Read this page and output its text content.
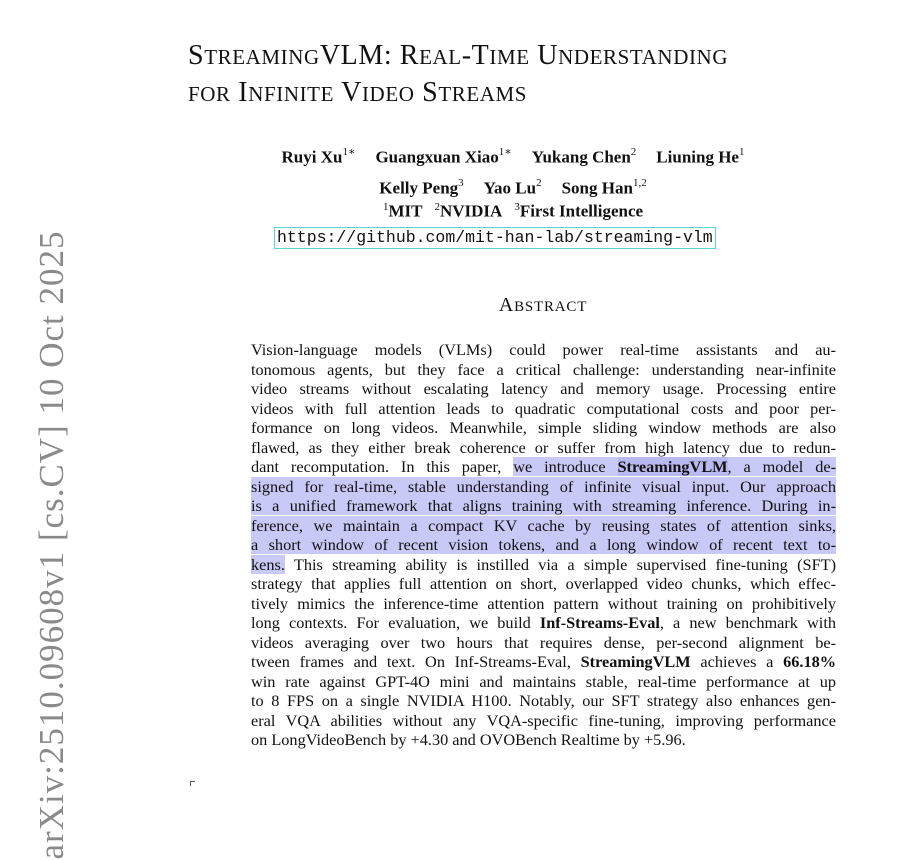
arXiv:2510.09608v1 [cs.CV] 10 Oct 2025
STREAMINGVLM: REAL-TIME UNDERSTANDING
FOR INFINITE VIDEO STREAMS
Ruyi $Xu^{1∗}$ Guangxuan Xiao$^{1∗}$ Yukang Chen$^2$ Liuning He$^1$
Kelly Peng$^3$ Yao Lu$^2$ Song Han$^{1,2}$
$^1$MIT $^2$NVIDIA $^3$First Intelligence
https://github.com/mit-han-lab/streaming-vlm
ABSTRACT
Vision-language models (VLMs) could power real-time assistants and au-
tonomous agents, but they face a critical challenge: understanding near-infinite
video streams without escalating latency and memory usage. Processing entire
videos with full attention leads to quadratic computational costs and poor per-
formance on long videos. Meanwhile, simple sliding window methods are also
flawed, as they either break coherence or suffer from high latency due to redun-
dant recomputation. In this paper, we introduce StreamingVLM, a model de-
signed for real-time, stable understanding of infinite visual input. Our approach
is a unified framework that aligns training with streaming inference. During in-
ference, we maintain a compact KV cache by reusing states of attention sinks,
a short window of recent vision tokens, and a long window of recent text to-
kens. This streaming ability is instilled via a simple supervised fine-tuning (SFT)
strategy that applies full attention on short, overlapped video chunks, which effec-
tively mimics the inference-time attention pattern without training on prohibitively
long contexts. For evaluation, we build Inf-Streams-Eval, a new benchmark with
videos averaging over two hours that requires dense, per-second alignment be-
tween frames and text. On Inf-Streams-Eval, StreamingVLM achieves a 66.18%
win rate against GPT-4O mini and maintains stable, real-time performance at up
to 8 FPS on a single NVIDIA H100. Notably, our SFT strategy also enhances gen-
eral VQA abilities without any VQA-specific fine-tuning, improving performance
on LongVideoBench by +4.30 and OVOBench Realtime by +5.96.
